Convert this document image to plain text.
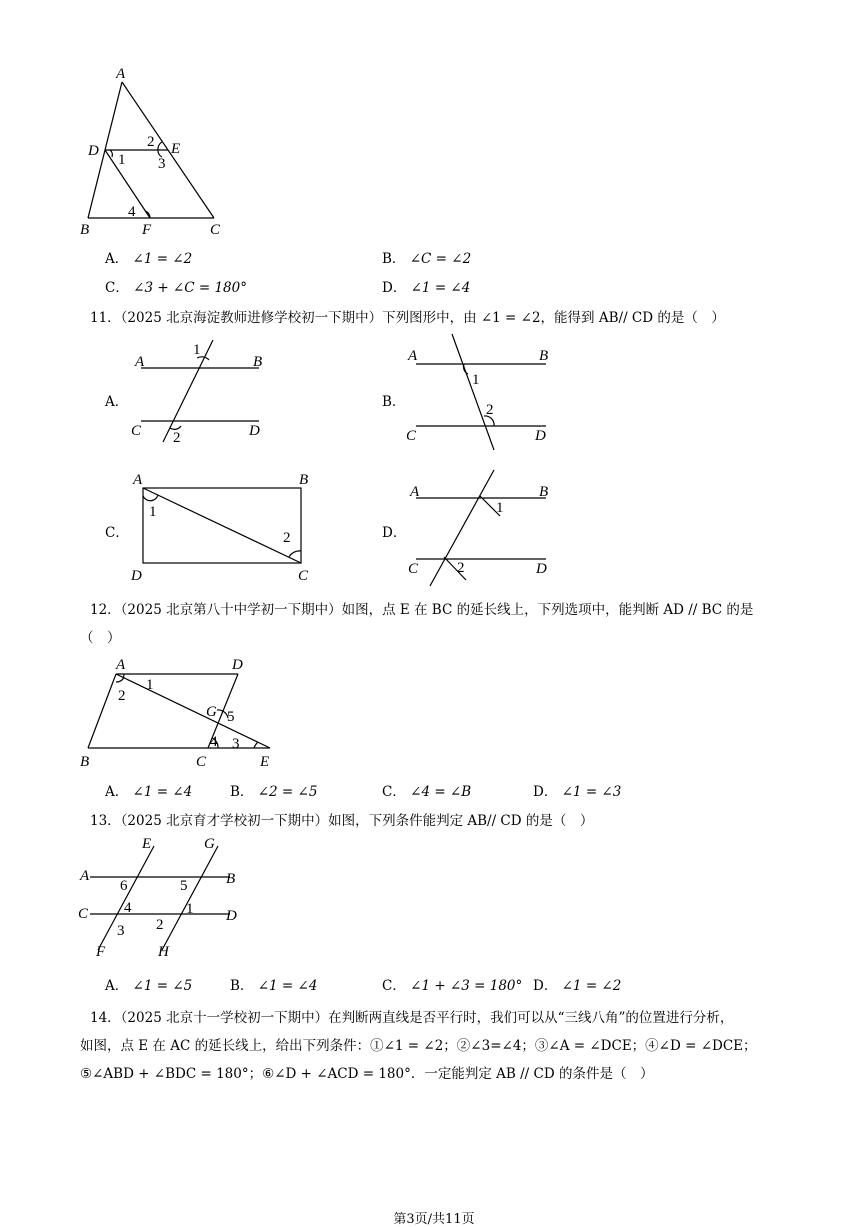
A
D	E
B	F	C
1
2
3
4
A． ∠1 = ∠2	B． ∠C = ∠2
C． ∠3 + ∠C = 180°	D． ∠1 = ∠4
11．（2025 北京海淀教师进修学校初一下期中）下列图形中，由 ∠1 = ∠2，能得到 AB// CD 的是（　）
A．
A	B
C	D
1
2
B．
A	B
C	D
1
2
C．
A	B
D	C
1
2	D．
A	B
C	D
1
2
12．（2025 北京第八十中学初一下期中）如图，点 E 在 BC 的延长线上，下列选项中，能判断 AD // BC 的是
（　）
A	D
B	C	E
G
1
2
3
4
5
A． ∠1 = ∠4	B． ∠2 = ∠5	C． ∠4 = ∠B	D． ∠1 = ∠3
13．（2025 北京育才学校初一下期中）如图，下列条件能判定 AB// CD 的是（　）
E	G
A	B
C	D
F	H
1
2
3
4
5
6
A． ∠1 = ∠5	B． ∠1 = ∠4	C． ∠1 + ∠3 = 180° D． ∠1 = ∠2
14．（2025 北京十一学校初一下期中）在判断两直线是否平行时，我们可以从“三线八角”的位置进行分析，
如图，点 E 在 AC 的延长线上，给出下列条件：①∠1 = ∠2；②∠3=∠4；③∠A = ∠DCE；④∠D = ∠DCE；
⑤∠ABD + ∠BDC = 180°；⑥∠D + ∠ACD = 180°．一定能判定 AB // CD 的条件是（　）
第3页/共11页
